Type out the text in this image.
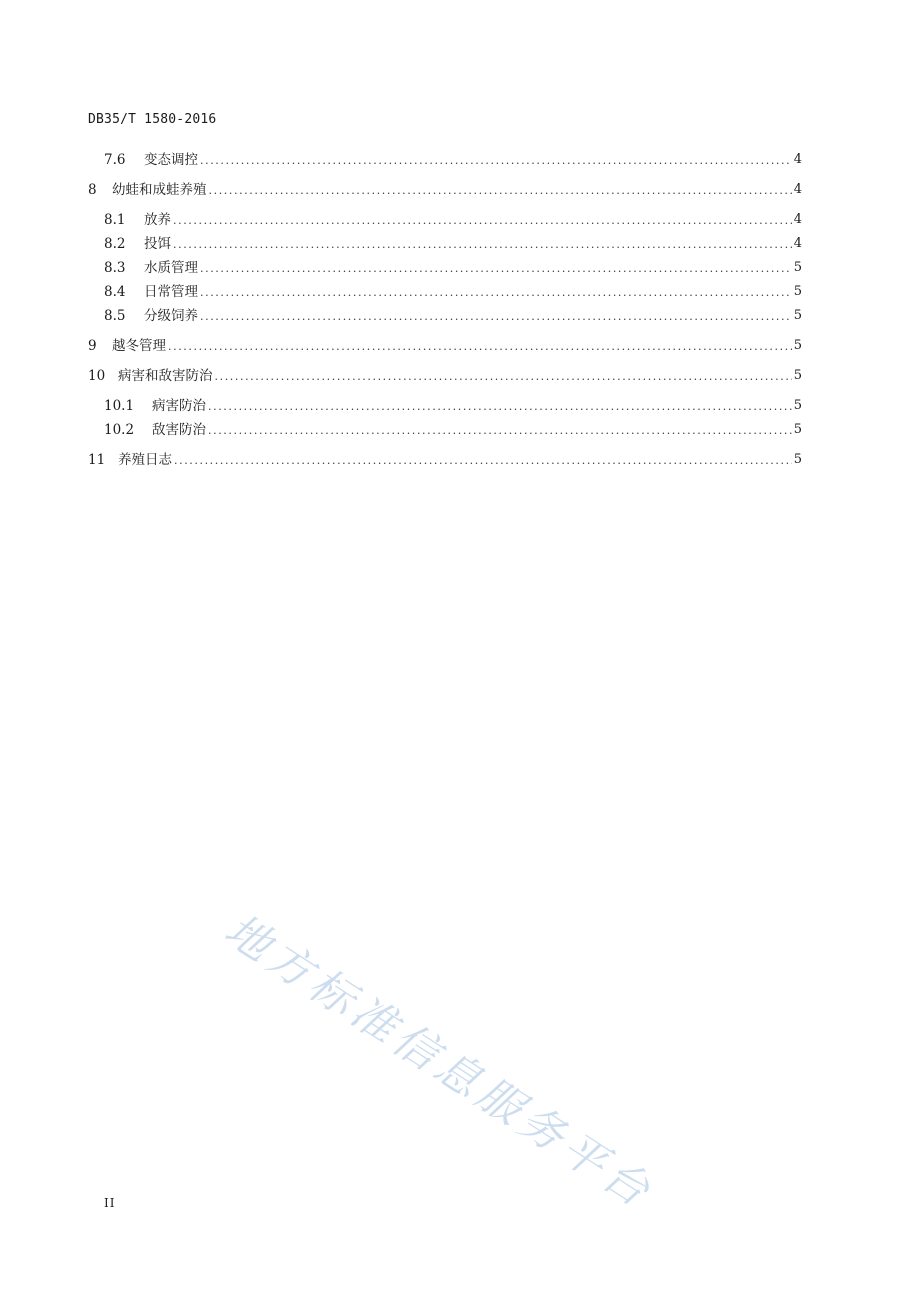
DB35/T 1580-2016
7.6	变态调控 .....	4
8	幼蛙和成蛙养殖 .....	4
8.1	放养 .....	4
8.2	投饵 .....	4
8.3	水质管理 .....	5
8.4	日常管理 .....	5
8.5	分级饲养 .....	5
9	越冬管理 .....	5
10 病害和敌害防治 .....	5
10.1	病害防治 .....	5
10.2	敌害防治 .....	5
11 养殖日志 .....	5
地方标准信息服务平台
II
